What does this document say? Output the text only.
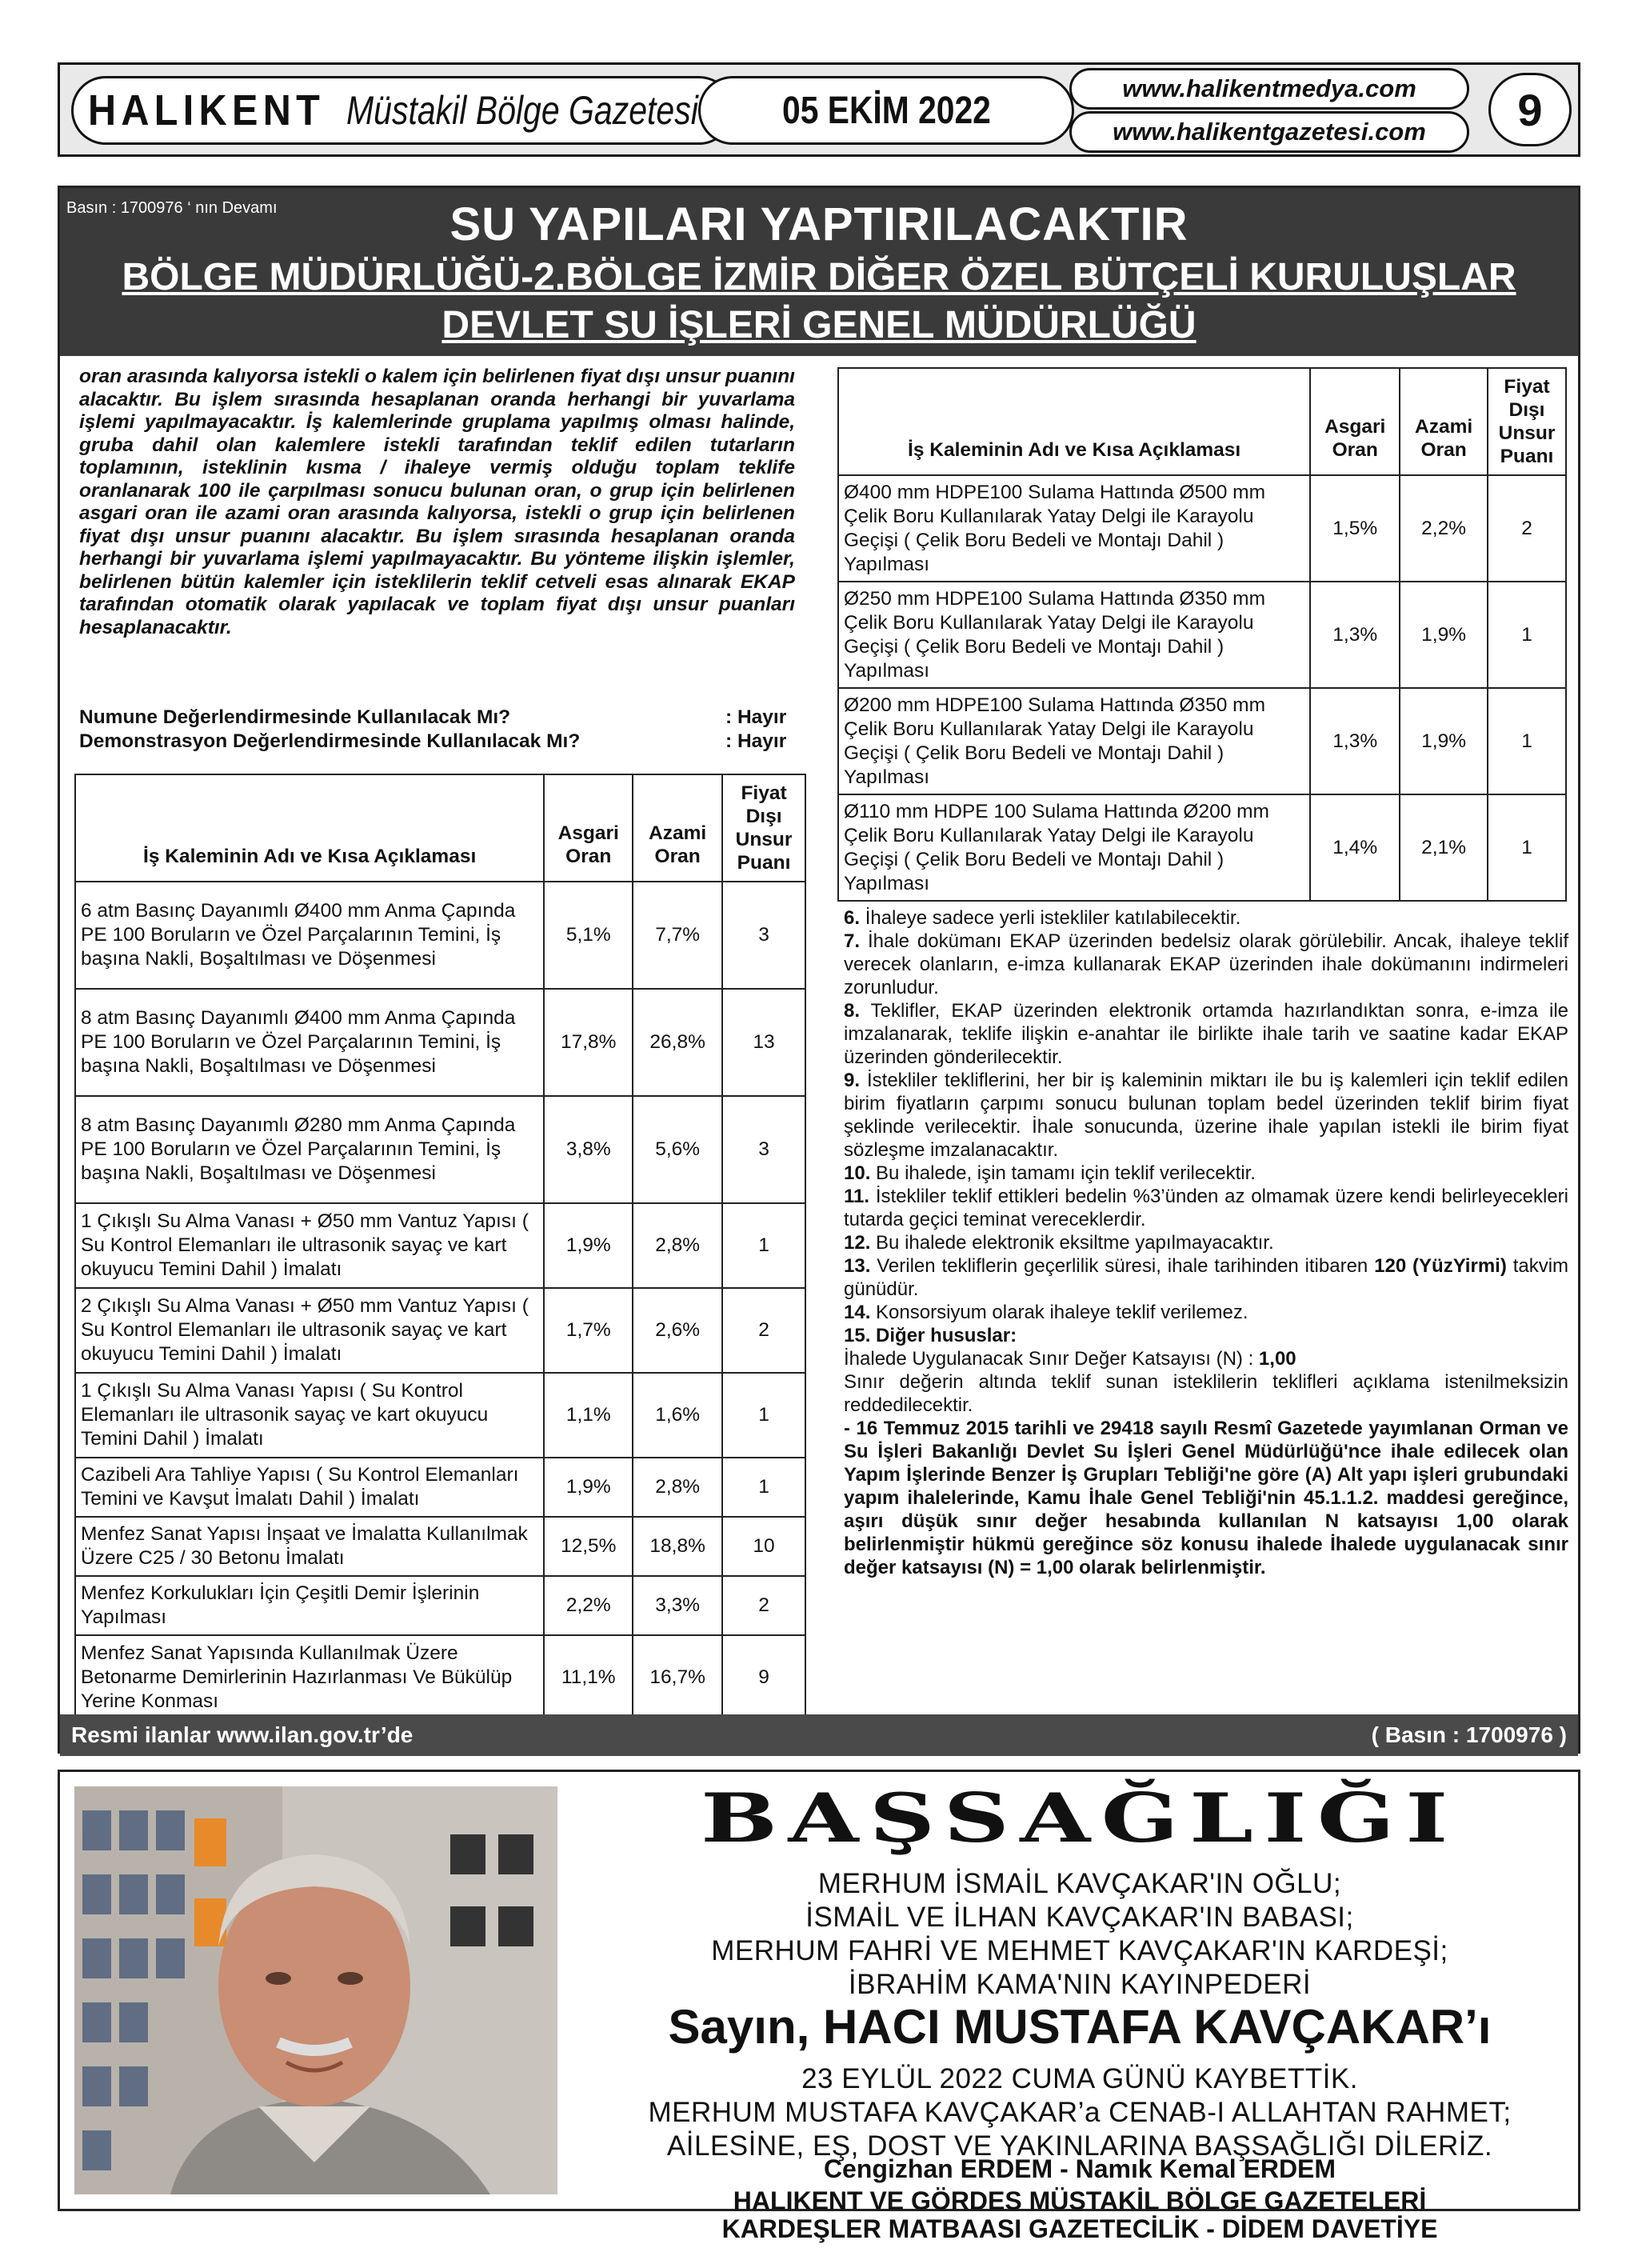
HALIKENT Müstakil Bölge Gazetesi 05 EKİM 2022
www.halikentmedya.com
www.halikentgazetesi.com	9
Basın : 1700976 ‘ nın Devamı	SU YAPILARI YAPTIRILACAKTIR
BÖLGE MÜDÜRLÜĞÜ-2.BÖLGE İZMİR DİĞER ÖZEL BÜTÇELİ KURULUŞLAR
DEVLET SU İŞLERİ GENEL MÜDÜRLÜĞÜ
oran arasında kalıyorsa istekli o kalem için belirlenen fiyat dışı unsur puanını alacaktır. Bu işlem sırasında hesaplanan oranda herhangi bir yuvarlama işlemi yapılmayacaktır. İş kalemlerinde gruplama yapılmış olması halinde, gruba dahil olan kalemlere istekli tarafından teklif edilen tutarların toplamının, isteklinin kısma / ihaleye vermiş olduğu toplam teklife oranlanarak 100 ile çarpılması sonucu bulunan oran, o grup için belirlenen asgari oran ile azami oran arasında kalıyorsa, istekli o grup için belirlenen fiyat dışı unsur puanını alacaktır. Bu işlem sırasında hesaplanan oranda herhangi bir yuvarlama işlemi yapılmayacaktır. Bu yönteme ilişkin işlemler, belirlenen bütün kalemler için isteklilerin teklif cetveli esas alınarak EKAP tarafından otomatik olarak yapılacak ve toplam fiyat dışı unsur puanları hesaplanacaktır.
Numune Değerlendirmesinde Kullanılacak Mı?	: Hayır
Demonstrasyon Değerlendirmesinde Kullanılacak Mı?	: Hayır
İş Kaleminin Adı ve Kısa Açıklaması	Asgari Oran	Azami Oran	Fiyat Dışı Unsur Puanı
6 atm Basınç Dayanımlı Ø400 mm Anma Çapında PE 100 Boruların ve Özel Parçalarının Temini, İş başına Nakli, Boşaltılması ve Döşenmesi	5,1%	7,7%	3
8 atm Basınç Dayanımlı Ø400 mm Anma Çapında PE 100 Boruların ve Özel Parçalarının Temini, İş başına Nakli, Boşaltılması ve Döşenmesi	17,8%	26,8%	13
8 atm Basınç Dayanımlı Ø280 mm Anma Çapında PE 100 Boruların ve Özel Parçalarının Temini, İş başına Nakli, Boşaltılması ve Döşenmesi	3,8%	5,6%	3
1 Çıkışlı Su Alma Vanası + Ø50 mm Vantuz Yapısı ( Su Kontrol Elemanları ile ultrasonik sayaç ve kart okuyucu Temini Dahil ) İmalatı	1,9%	2,8%	1
2 Çıkışlı Su Alma Vanası + Ø50 mm Vantuz Yapısı ( Su Kontrol Elemanları ile ultrasonik sayaç ve kart okuyucu Temini Dahil ) İmalatı	1,7%	2,6%	2
1 Çıkışlı Su Alma Vanası Yapısı ( Su Kontrol Elemanları ile ultrasonik sayaç ve kart okuyucu Temini Dahil ) İmalatı	1,1%	1,6%	1
Cazibeli Ara Tahliye Yapısı ( Su Kontrol Elemanları Temini ve Kavşut İmalatı Dahil ) İmalatı	1,9%	2,8%	1
Menfez Sanat Yapısı İnşaat ve İmalatta Kullanılmak Üzere C25 / 30 Betonu İmalatı	12,5%	18,8%	10
Menfez Korkulukları İçin Çeşitli Demir İşlerinin Yapılması	2,2%	3,3%	2
Menfez Sanat Yapısında Kullanılmak Üzere Betonarme Demirlerinin Hazırlanması Ve Bükülüp Yerine Konması	11,1%	16,7%	9
İş Kaleminin Adı ve Kısa Açıklaması	Asgari Oran	Azami Oran	Fiyat Dışı Unsur Puanı
Ø400 mm HDPE100 Sulama Hattında Ø500 mm Çelik Boru Kullanılarak Yatay Delgi ile Karayolu Geçişi ( Çelik Boru Bedeli ve Montajı Dahil ) Yapılması	1,5%	2,2%	2
Ø250 mm HDPE100 Sulama Hattında Ø350 mm Çelik Boru Kullanılarak Yatay Delgi ile Karayolu Geçişi ( Çelik Boru Bedeli ve Montajı Dahil ) Yapılması	1,3%	1,9%	1
Ø200 mm HDPE100 Sulama Hattında Ø350 mm Çelik Boru Kullanılarak Yatay Delgi ile Karayolu Geçişi ( Çelik Boru Bedeli ve Montajı Dahil ) Yapılması	1,3%	1,9%	1
Ø110 mm HDPE 100 Sulama Hattında Ø200 mm Çelik Boru Kullanılarak Yatay Delgi ile Karayolu Geçişi ( Çelik Boru Bedeli ve Montajı Dahil ) Yapılması	1,4%	2,1%	1

6. İhaleye sadece yerli istekliler katılabilecektir.

7. İhale dokümanı EKAP üzerinden bedelsiz olarak görülebilir. Ancak, ihaleye teklif verecek olanların, e-imza kullanarak EKAP üzerinden ihale dokümanını indirmeleri zorunludur.

8. Teklifler, EKAP üzerinden elektronik ortamda hazırlandıktan sonra, e-imza ile imzalanarak, teklife ilişkin e-anahtar ile birlikte ihale tarih ve saatine kadar EKAP üzerinden gönderilecektir.

9. İstekliler tekliflerini, her bir iş kaleminin miktarı ile bu iş kalemleri için teklif edilen birim fiyatların çarpımı sonucu bulunan toplam bedel üzerinden teklif birim fiyat şeklinde verilecektir. İhale sonucunda, üzerine ihale yapılan istekli ile birim fiyat sözleşme imzalanacaktır.

10. Bu ihalede, işin tamamı için teklif verilecektir.

11. İstekliler teklif ettikleri bedelin %3’ünden az olmamak üzere kendi belirleyecekleri tutarda geçici teminat vereceklerdir.

12. Bu ihalede elektronik eksiltme yapılmayacaktır.

13. Verilen tekliflerin geçerlilik süresi, ihale tarihinden itibaren 120 (YüzYirmi) takvim günüdür.

14. Konsorsiyum olarak ihaleye teklif verilemez.

15. Diğer hususlar:

İhalede Uygulanacak Sınır Değer Katsayısı (N) : 1,00

Sınır değerin altında teklif sunan isteklilerin teklifleri açıklama istenilmeksizin reddedilecektir.

- 16 Temmuz 2015 tarihli ve 29418 sayılı Resmî Gazetede yayımlanan Orman ve Su İşleri Bakanlığı Devlet Su İşleri Genel Müdürlüğü'nce ihale edilecek olan Yapım İşlerinde Benzer İş Grupları Tebliği'ne göre (A) Alt yapı işleri grubundaki yapım ihalelerinde, Kamu İhale Genel Tebliği'nin 45.1.1.2. maddesi gereğince, aşırı düşük sınır değer hesabında kullanılan N katsayısı 1,00 olarak belirlenmiştir hükmü gereğince söz konusu ihalede İhalede uygulanacak sınır değer katsayısı (N) = 1,00 olarak belirlenmiştir.

Resmi ilanlar www.ilan.gov.tr’de	( Basın : 1700976 )
BAŞSAĞLIĞI
MERHUM İSMAİL KAVÇAKAR'IN OĞLU;
İSMAİL VE İLHAN KAVÇAKAR'IN BABASI;
MERHUM FAHRİ VE MEHMET KAVÇAKAR'IN KARDEŞİ;
İBRAHİM KAMA'NIN KAYINPEDERİ
Sayın, HACI MUSTAFA KAVÇAKAR’ı
23 EYLÜL 2022 CUMA GÜNÜ KAYBETTİK.
MERHUM MUSTAFA KAVÇAKAR’a CENAB-I ALLAHTAN RAHMET;
AİLESİNE, EŞ, DOST VE YAKINLARINA BAŞSAĞLIĞI DİLERİZ.
Cengizhan ERDEM - Namık Kemal ERDEM
HALIKENT VE GÖRDES MÜSTAKİL BÖLGE GAZETELERİ
KARDEŞLER MATBAASI GAZETECİLİK - DİDEM DAVETİYE
